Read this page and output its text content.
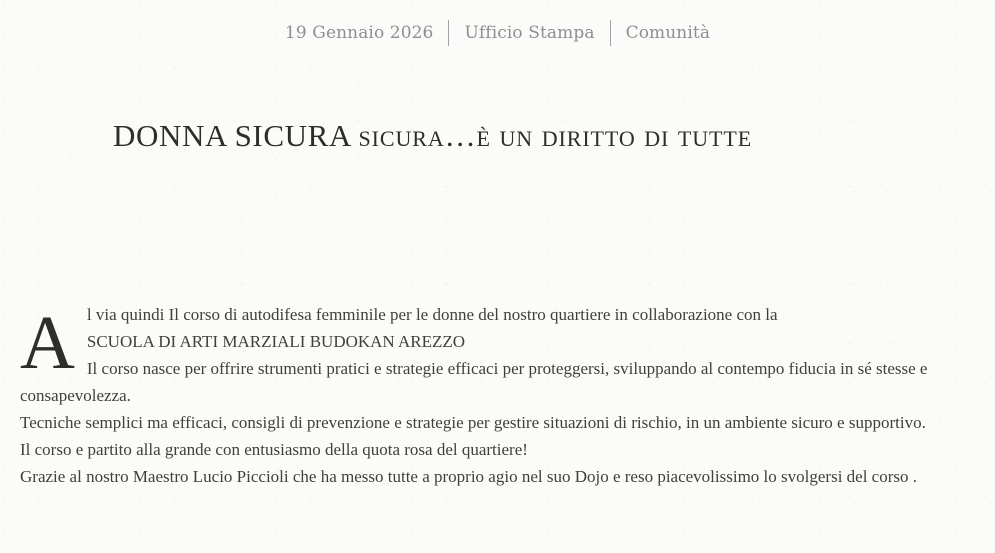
19 Gennaio 2026 Ufficio Stampa Comunità
DONNA SICURA sicura…è un diritto di tutte
A l via quindi Il corso di autodifesa femminile per le donne del nostro quartiere in collaborazione con la

SCUOLA DI ARTI MARZIALI BUDOKAN AREZZO

Il corso nasce per offrire strumenti pratici e strategie efficaci per proteggersi, sviluppando al contempo fiducia in sé stesse e consapevolezza.

Tecniche semplici ma efficaci, consigli di prevenzione e strategie per gestire situazioni di rischio, in un ambiente sicuro e supportivo.

Il corso e partito alla grande con entusiasmo della quota rosa del quartiere!

Grazie al nostro Maestro Lucio Piccioli che ha messo tutte a proprio agio nel suo Dojo e reso piacevolissimo lo svolgersi del corso .
